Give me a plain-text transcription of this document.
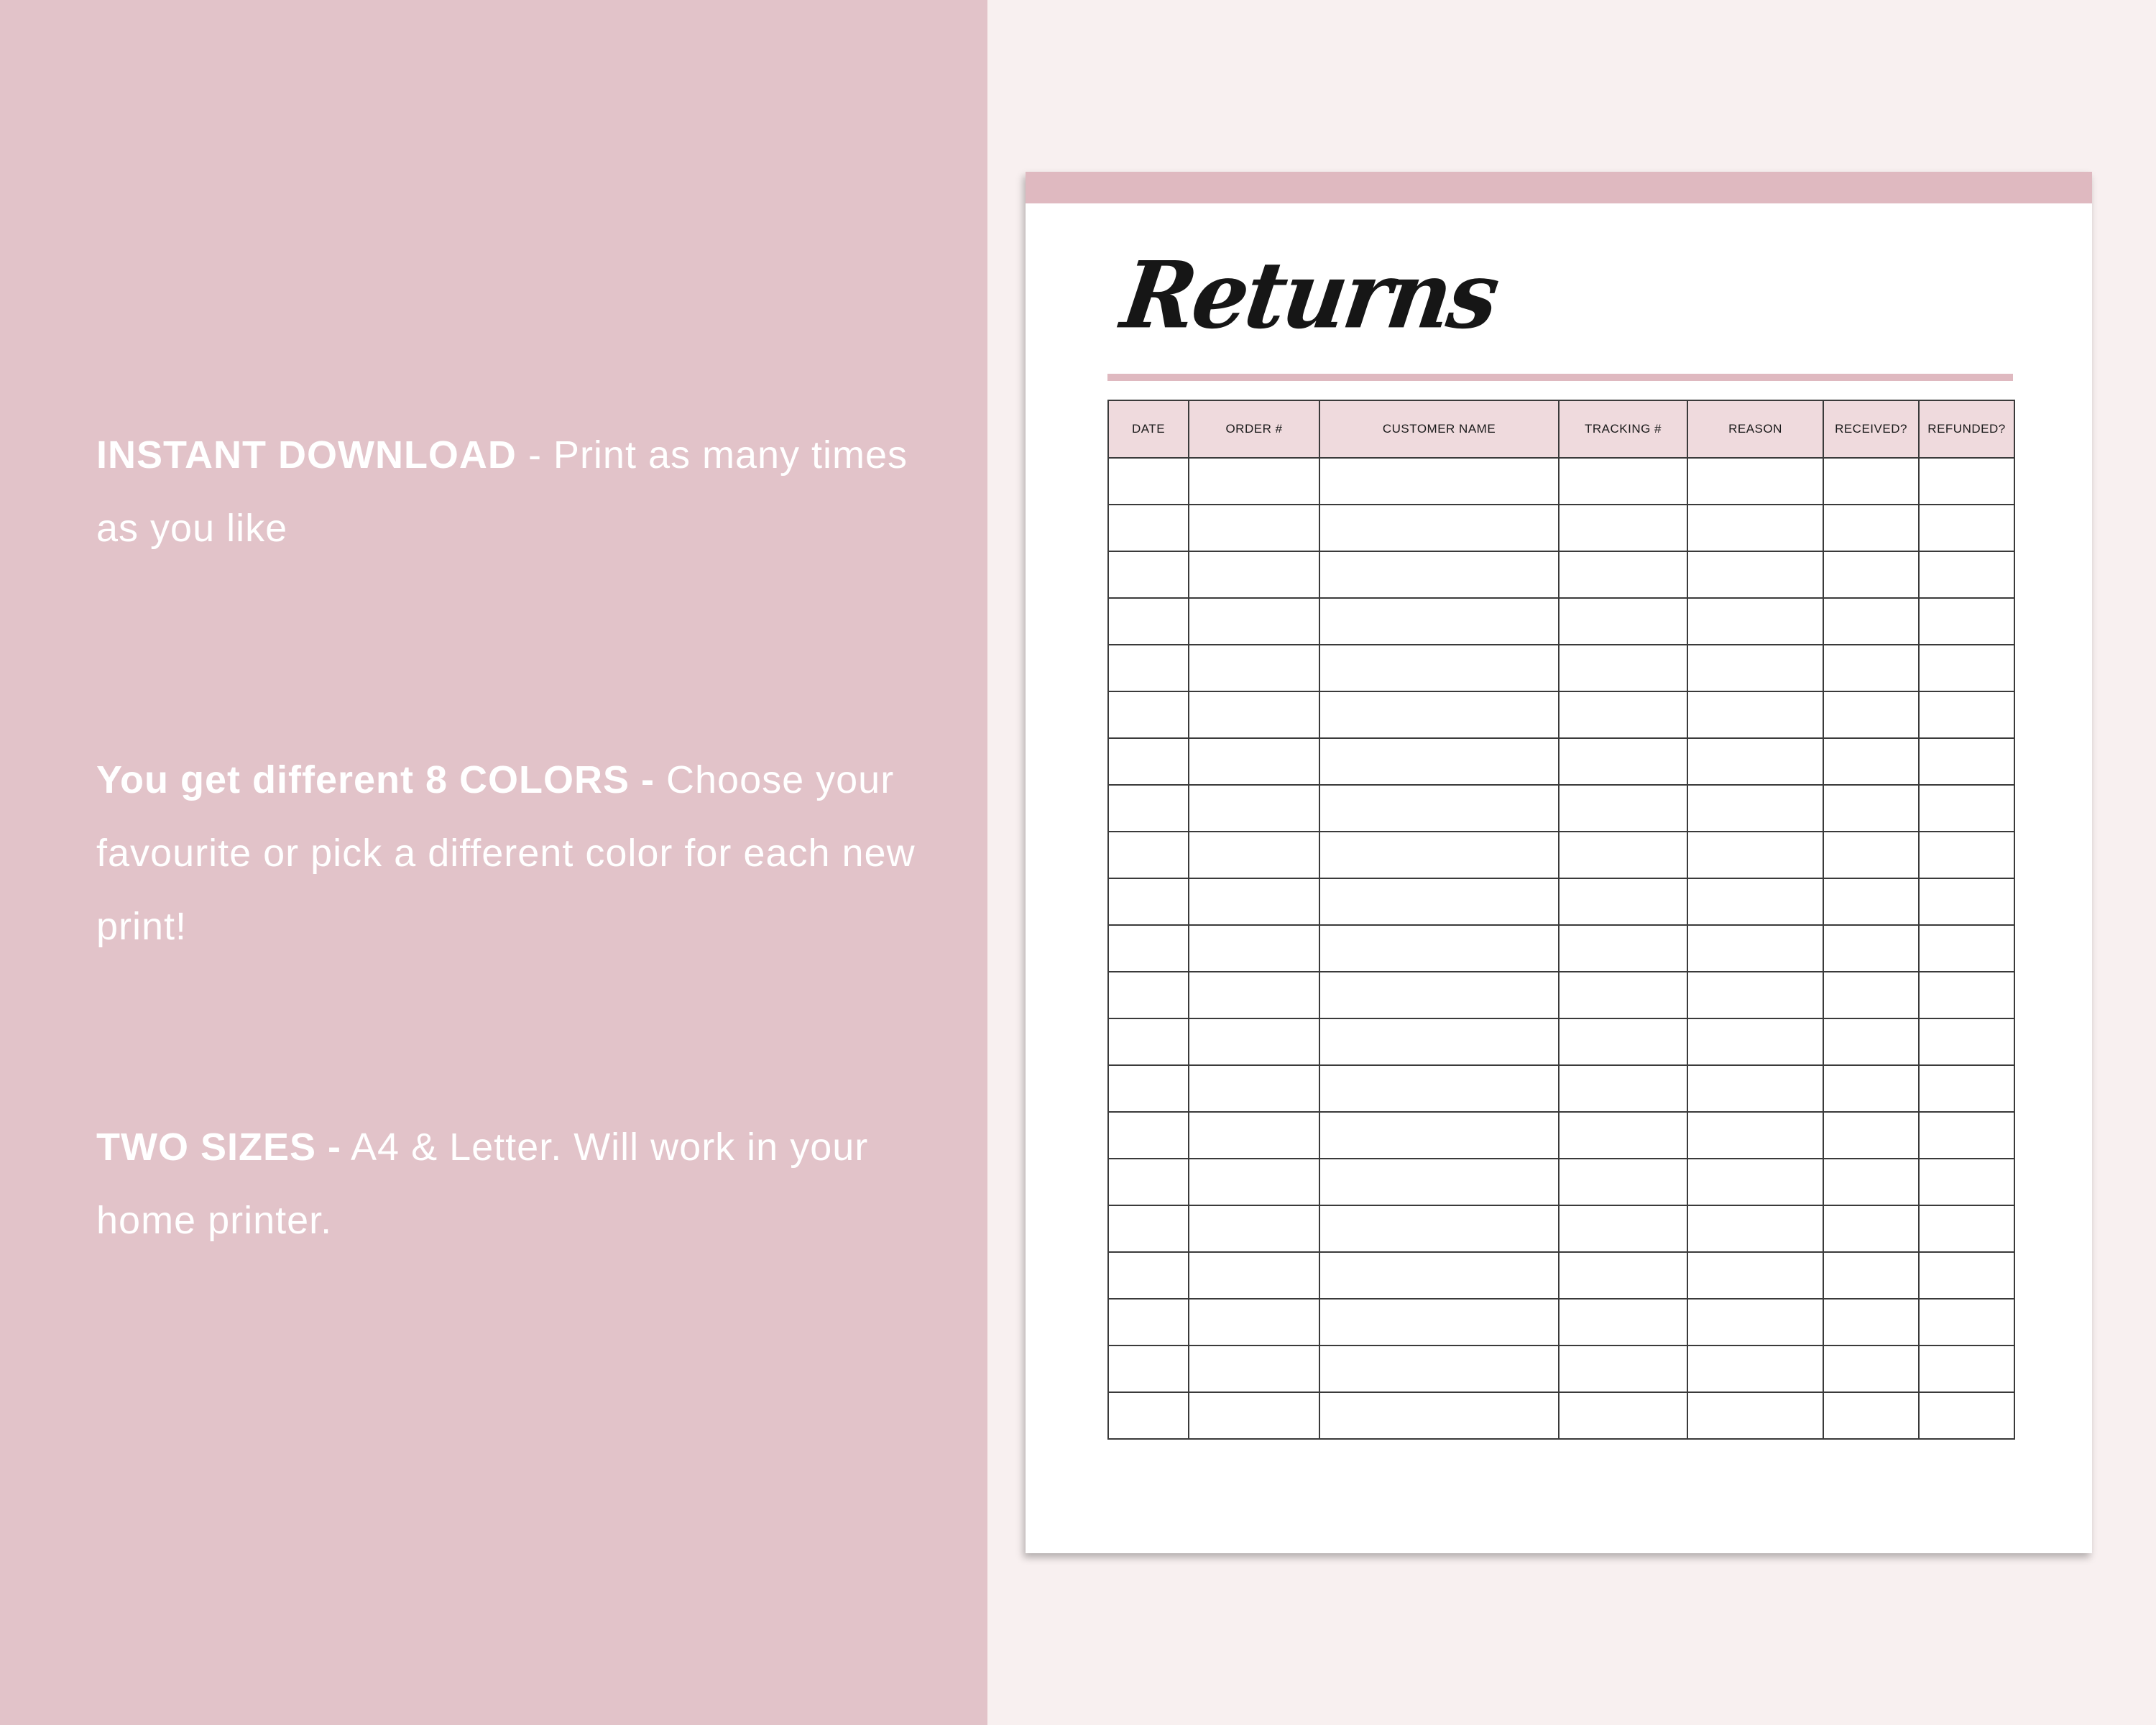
INSTANT DOWNLOAD - Print as many times as you like

You get different 8 COLORS - Choose your favourite or pick a different color for each new print!

TWO SIZES - A4 & Letter. Will work in your home printer.

Returns
DATE	ORDER #	CUSTOMER NAME	TRACKING #	REASON	RECEIVED?	REFUNDED?
